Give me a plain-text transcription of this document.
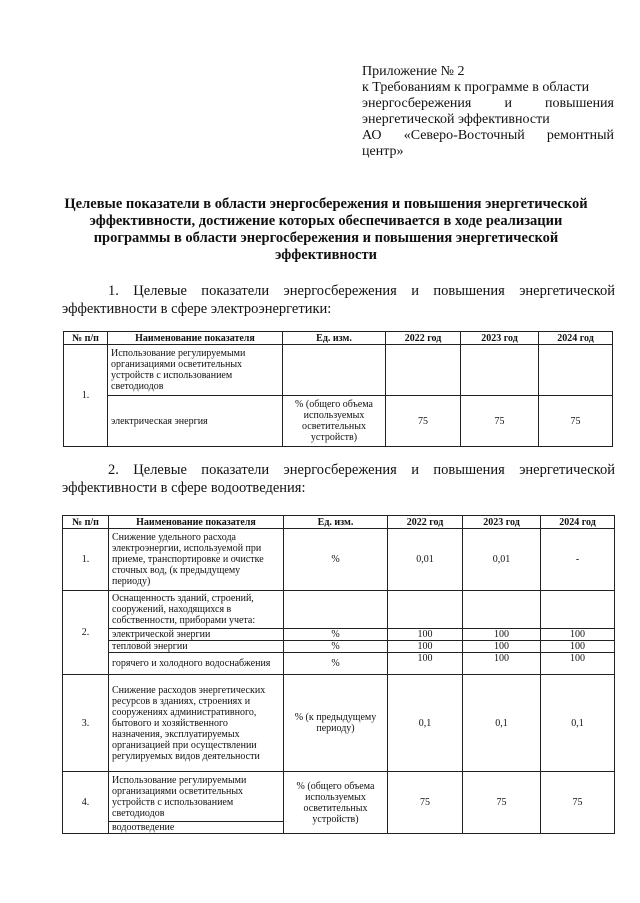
Приложение № 2
к Требованиям к программе в области
энергосбережения и повышения
энергетической эффективности
АО «Северо-Восточный ремонтный
центр»
Целевые показатели в области энергосбережения и повышения энергетической эффективности, достижение которых обеспечивается в ходе реализации программы в области энергосбережения и повышения энергетической эффективности
1. Целевые показатели энергосбережения и повышения энергетической
эффективности в сфере электроэнергетики:
№ п/п	Наименование показателя	Ед. изм.	2022 год	2023 год	2024 год
1.	Использование регулируемыми организациями осветительных устройств с использованием светодиодов				
	электрическая энергия	% (общего объема используемых осветительных устройств)	75	75	75
2. Целевые показатели энергосбережения и повышения энергетической
эффективности в сфере водоотведения:
№ п/п	Наименование показателя	Ед. изм.	2022 год	2023 год	2024 год
1.	Снижение удельного расхода электроэнергии, используемой при приеме, транспортировке и очистке сточных вод, (к предыдущему периоду)	%	0,01	0,01	-
2.	Оснащенность зданий, строений, сооружений, находящихся в собственности, приборами учета:				
	электрической энергии	%	100	100	100
	тепловой энергии	%	100	100	100
	горячего и холодного водоснабжения	%	100	100	100
3.	Снижение расходов энергетических ресурсов в зданиях, строениях и сооружениях административного, бытового и хозяйственного назначения, эксплуатируемых организацией при осуществлении регулируемых видов деятельности	% (к предыдущему периоду)	0,1	0,1	0,1
4.	Использование регулируемыми организациями осветительных устройств с использованием светодиодов	% (общего объема используемых осветительных устройств)	75	75	75
	водоотведение				
